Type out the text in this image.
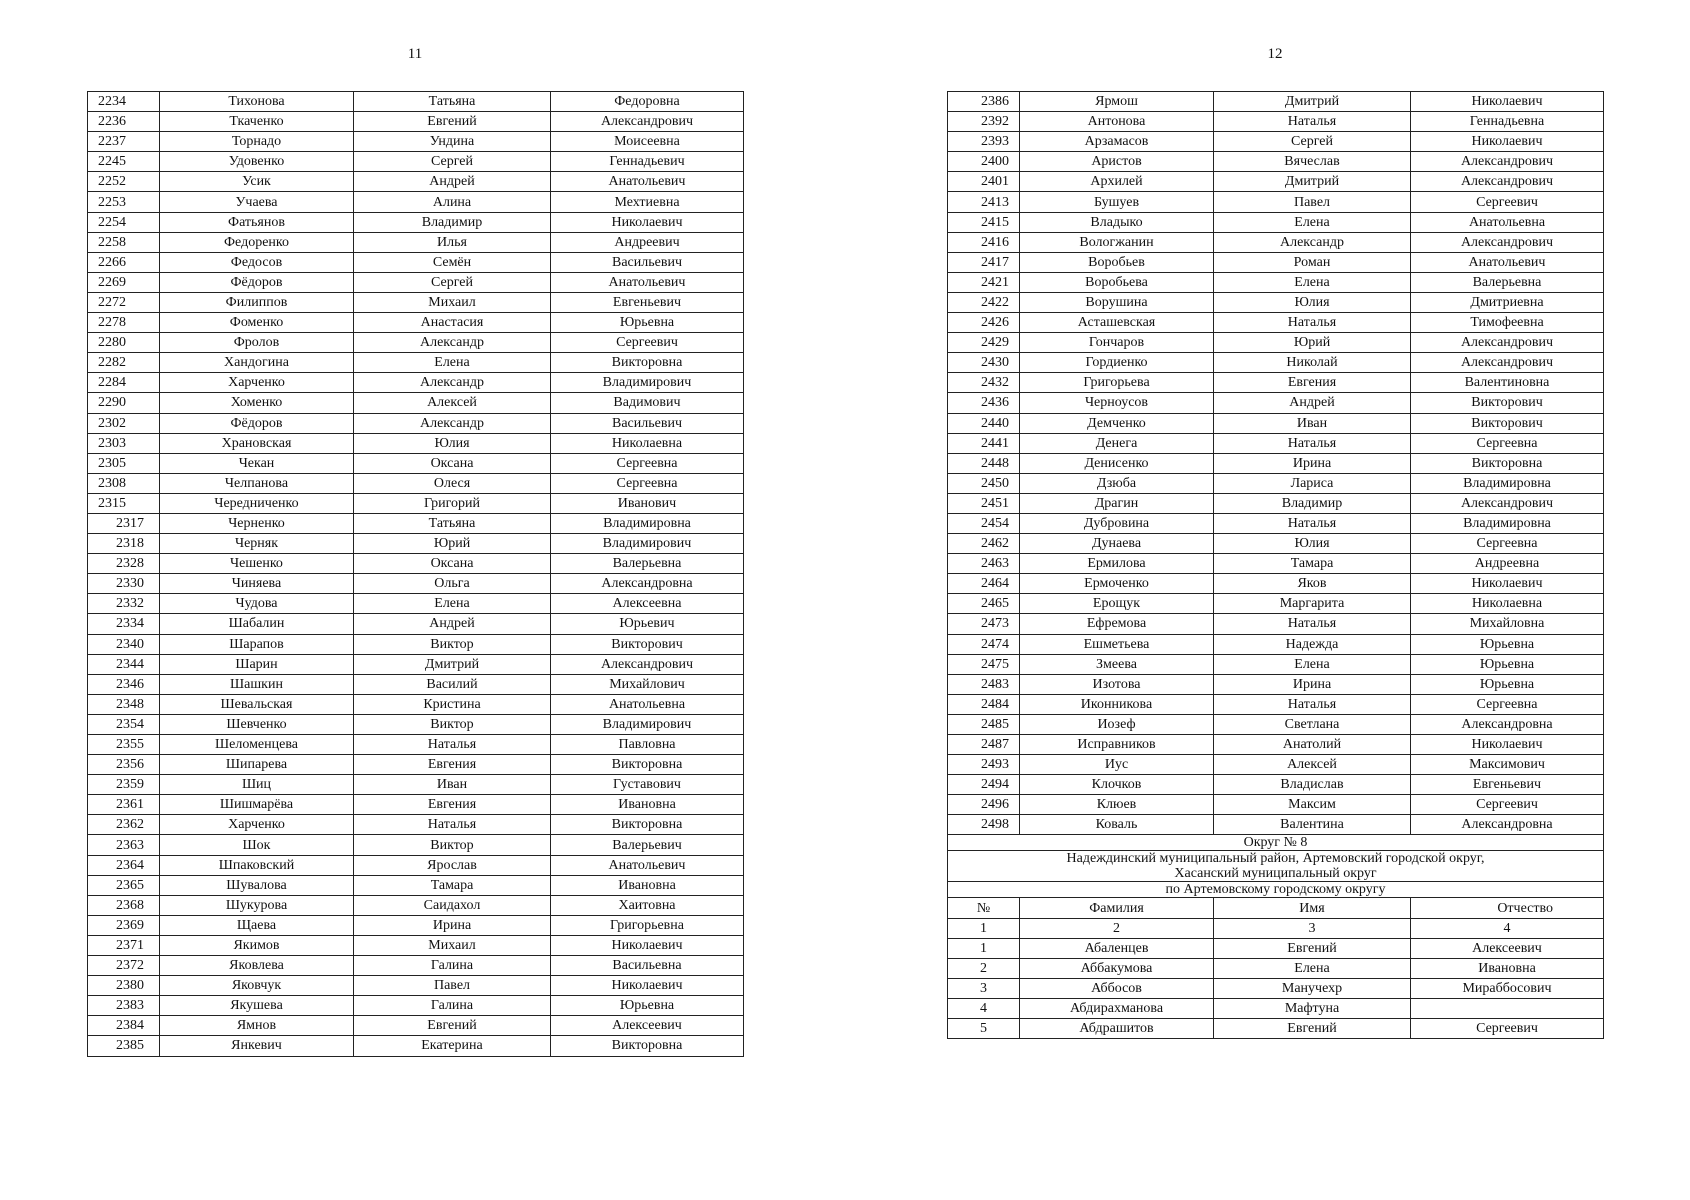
11
2234	Тихонова	Татьяна	Федоровна
2236	Ткаченко	Евгений	Александрович
2237	Торнадо	Ундина	Моисеевна
2245	Удовенко	Сергей	Геннадьевич
2252	Усик	Андрей	Анатольевич
2253	Учаева	Алина	Мехтиевна
2254	Фатьянов	Владимир	Николаевич
2258	Федоренко	Илья	Андреевич
2266	Федосов	Семён	Васильевич
2269	Фёдоров	Сергей	Анатольевич
2272	Филиппов	Михаил	Евгеньевич
2278	Фоменко	Анастасия	Юрьевна
2280	Фролов	Александр	Сергеевич
2282	Хандогина	Елена	Викторовна
2284	Харченко	Александр	Владимирович
2290	Хоменко	Алексей	Вадимович
2302	Фёдоров	Александр	Васильевич
2303	Храновская	Юлия	Николаевна
2305	Чекан	Оксана	Сергеевна
2308	Челпанова	Олеся	Сергеевна
2315	Чередниченко	Григорий	Иванович
2317	Черненко	Татьяна	Владимировна
2318	Черняк	Юрий	Владимирович
2328	Чешенко	Оксана	Валерьевна
2330	Чиняева	Ольга	Александровна
2332	Чудова	Елена	Алексеевна
2334	Шабалин	Андрей	Юрьевич
2340	Шарапов	Виктор	Викторович
2344	Шарин	Дмитрий	Александрович
2346	Шашкин	Василий	Михайлович
2348	Шевальская	Кристина	Анатольевна
2354	Шевченко	Виктор	Владимирович
2355	Шеломенцева	Наталья	Павловна
2356	Шипарева	Евгения	Викторовна
2359	Шиц	Иван	Густавович
2361	Шишмарёва	Евгения	Ивановна
2362	Харченко	Наталья	Викторовна
2363	Шок	Виктор	Валерьевич
2364	Шпаковский	Ярослав	Анатольевич
2365	Шувалова	Тамара	Ивановна
2368	Шукурова	Саидахол	Хаитовна
2369	Щаева	Ирина	Григорьевна
2371	Якимов	Михаил	Николаевич
2372	Яковлева	Галина	Васильевна
2380	Яковчук	Павел	Николаевич
2383	Якушева	Галина	Юрьевна
2384	Ямнов	Евгений	Алексеевич
2385	Янкевич	Екатерина	Викторовна
12
2386	Ярмош	Дмитрий	Николаевич
2392	Антонова	Наталья	Геннадьевна
2393	Арзамасов	Сергей	Николаевич
2400	Аристов	Вячеслав	Александрович
2401	Архилей	Дмитрий	Александрович
2413	Бушуев	Павел	Сергеевич
2415	Владыко	Елена	Анатольевна
2416	Вологжанин	Александр	Александрович
2417	Воробьев	Роман	Анатольевич
2421	Воробьева	Елена	Валерьевна
2422	Ворушина	Юлия	Дмитриевна
2426	Асташевская	Наталья	Тимофеевна
2429	Гончаров	Юрий	Александрович
2430	Гордиенко	Николай	Александрович
2432	Григорьева	Евгения	Валентиновна
2436	Черноусов	Андрей	Викторович
2440	Демченко	Иван	Викторович
2441	Денега	Наталья	Сергеевна
2448	Денисенко	Ирина	Викторовна
2450	Дзюба	Лариса	Владимировна
2451	Драгин	Владимир	Александрович
2454	Дубровина	Наталья	Владимировна
2462	Дунаева	Юлия	Сергеевна
2463	Ермилова	Тамара	Андреевна
2464	Ермоченко	Яков	Николаевич
2465	Ерощук	Маргарита	Николаевна
2473	Ефремова	Наталья	Михайловна
2474	Ешметьева	Надежда	Юрьевна
2475	Змеева	Елена	Юрьевна
2483	Изотова	Ирина	Юрьевна
2484	Иконникова	Наталья	Сергеевна
2485	Иозеф	Светлана	Александровна
2487	Исправников	Анатолий	Николаевич
2493	Иус	Алексей	Максимович
2494	Клочков	Владислав	Евгеньевич
2496	Клюев	Максим	Сергеевич
2498	Коваль	Валентина	Александровна
Округ № 8			
Надеждинский муниципальный район, Артемовский городской округ,
Хасанский муниципальный округ			
по Артемовскому городскому округу			
№	Фамилия	Имя	Отчество
1	2	3	4
1	Абаленцев	Евгений	Алексеевич
2	Аббакумова	Елена	Ивановна
3	Аббосов	Манучехр	Мираббосович
4	Абдирахманова	Мафтуна	
5	Абдрашитов	Евгений	Сергеевич
